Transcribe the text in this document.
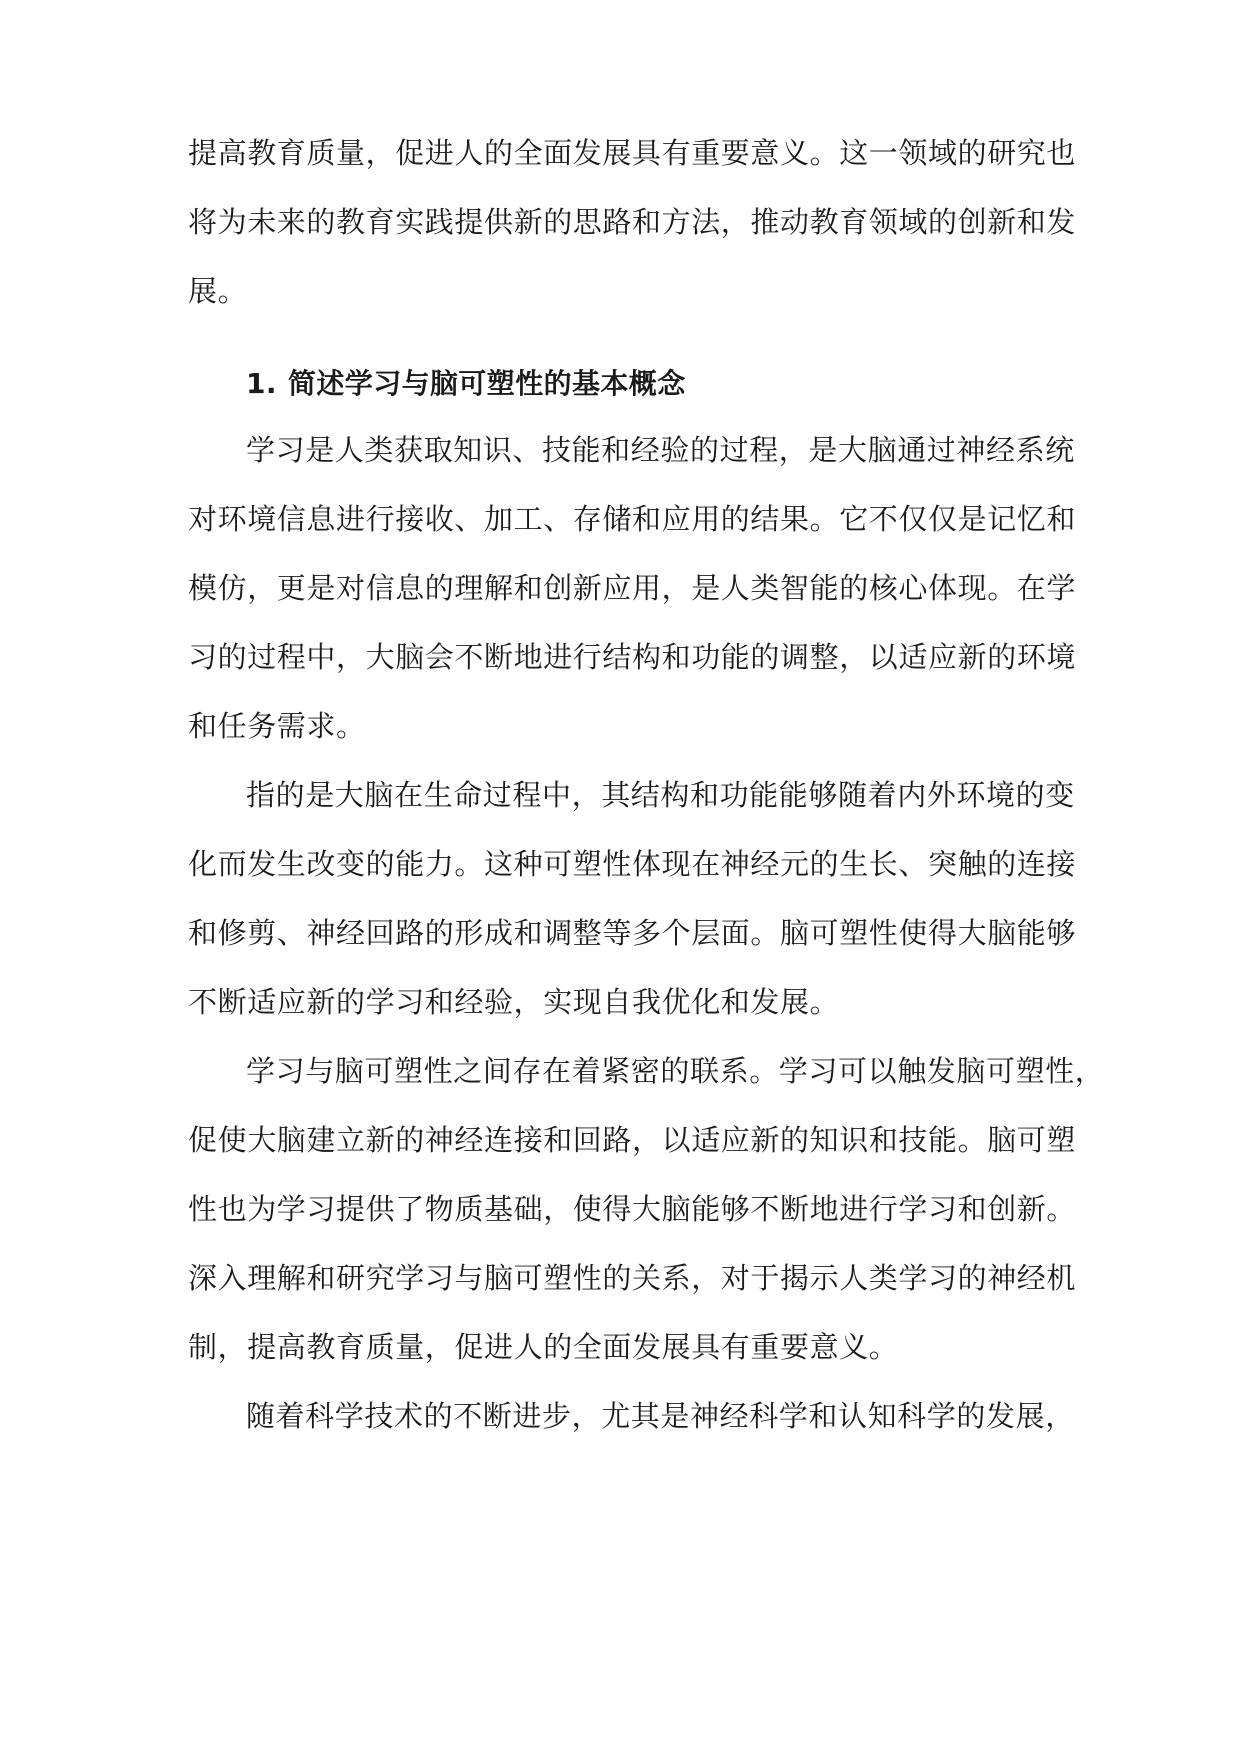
提高教育质量，促进人的全面发展具有重要意义。这一领域的研究也
将为未来的教育实践提供新的思路和方法，推动教育领域的创新和发
展。
1. 简述学习与脑可塑性的基本概念
学习是人类获取知识、技能和经验的过程，是大脑通过神经系统
对环境信息进行接收、加工、存储和应用的结果。它不仅仅是记忆和
模仿，更是对信息的理解和创新应用，是人类智能的核心体现。在学
习的过程中，大脑会不断地进行结构和功能的调整，以适应新的环境
和任务需求。
指的是大脑在生命过程中，其结构和功能能够随着内外环境的变
化而发生改变的能力。这种可塑性体现在神经元的生长、突触的连接
和修剪、神经回路的形成和调整等多个层面。脑可塑性使得大脑能够
不断适应新的学习和经验，实现自我优化和发展。
学习与脑可塑性之间存在着紧密的联系。学习可以触发脑可塑性，
促使大脑建立新的神经连接和回路，以适应新的知识和技能。脑可塑
性也为学习提供了物质基础，使得大脑能够不断地进行学习和创新。
深入理解和研究学习与脑可塑性的关系，对于揭示人类学习的神经机
制，提高教育质量，促进人的全面发展具有重要意义。
随着科学技术的不断进步，尤其是神经科学和认知科学的发展，
